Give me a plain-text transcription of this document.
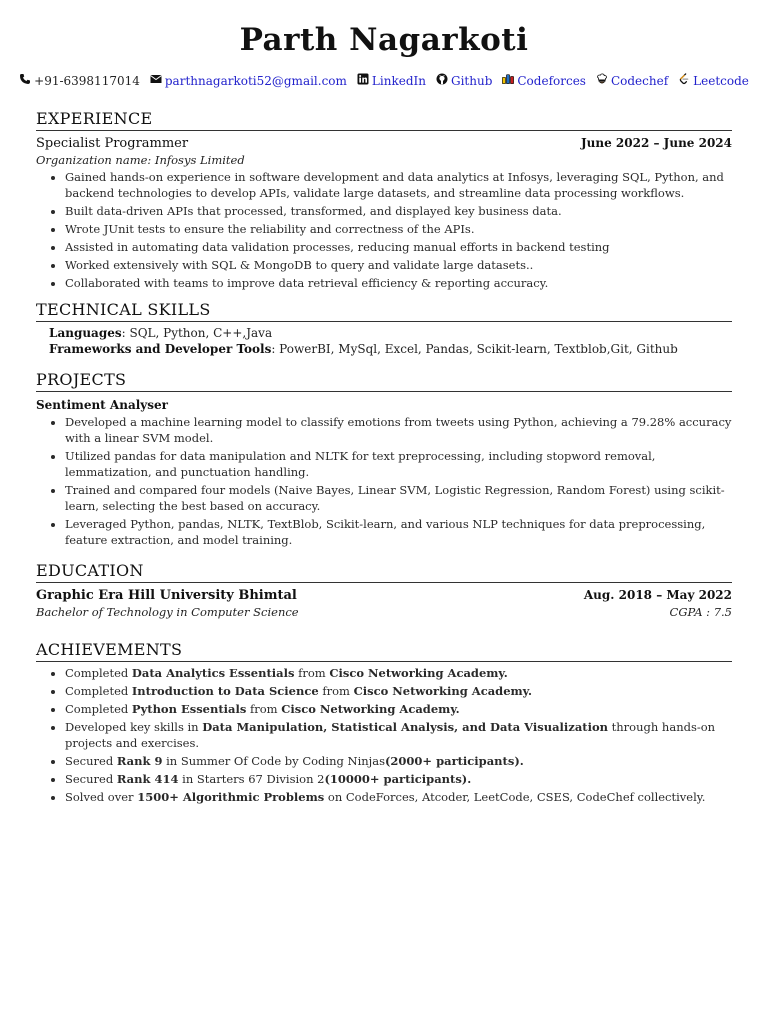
Parth Nagarkoti
+91-6398117014 parthnagarkoti52@gmail.com LinkedIn Github Codeforces Codechef Leetcode
EXPERIENCE
Specialist Programmer	June 2022 – June 2024
Organization name: Infosys Limited
• Gained hands-on experience in software development and data analytics at Infosys, leveraging SQL, Python, and backend technologies to develop APIs, validate large datasets, and streamline data processing workflows.
• Built data-driven APIs that processed, transformed, and displayed key business data.
• Wrote JUnit tests to ensure the reliability and correctness of the APIs.
• Assisted in automating data validation processes, reducing manual efforts in backend testing
• Worked extensively with SQL & MongoDB to query and validate large datasets..
• Collaborated with teams to improve data retrieval efficiency & reporting accuracy.
TECHNICAL SKILLS
Languages: SQL, Python, C++,Java
Frameworks and Developer Tools: PowerBI, MySql, Excel, Pandas, Scikit-learn, Textblob,Git, Github
PROJECTS
Sentiment Analyser
• Developed a machine learning model to classify emotions from tweets using Python, achieving a 79.28% accuracy with a linear SVM model.
• Utilized pandas for data manipulation and NLTK for text preprocessing, including stopword removal, lemmatization, and punctuation handling.
• Trained and compared four models (Naive Bayes, Linear SVM, Logistic Regression, Random Forest) using scikit-learn, selecting the best based on accuracy.
• Leveraged Python, pandas, NLTK, TextBlob, Scikit-learn, and various NLP techniques for data preprocessing, feature extraction, and model training.
EDUCATION
Graphic Era Hill University Bhimtal	Aug. 2018 – May 2022
Bachelor of Technology in Computer Science	CGPA : 7.5
ACHIEVEMENTS
• Completed Data Analytics Essentials from Cisco Networking Academy.
• Completed Introduction to Data Science from Cisco Networking Academy.
• Completed Python Essentials from Cisco Networking Academy.
• Developed key skills in Data Manipulation, Statistical Analysis, and Data Visualization through hands-on projects and exercises.
• Secured Rank 9 in Summer Of Code by Coding Ninjas(2000+ participants).
• Secured Rank 414 in Starters 67 Division 2(10000+ participants).
• Solved over 1500+ Algorithmic Problems on CodeForces, Atcoder, LeetCode, CSES, CodeChef collectively.
